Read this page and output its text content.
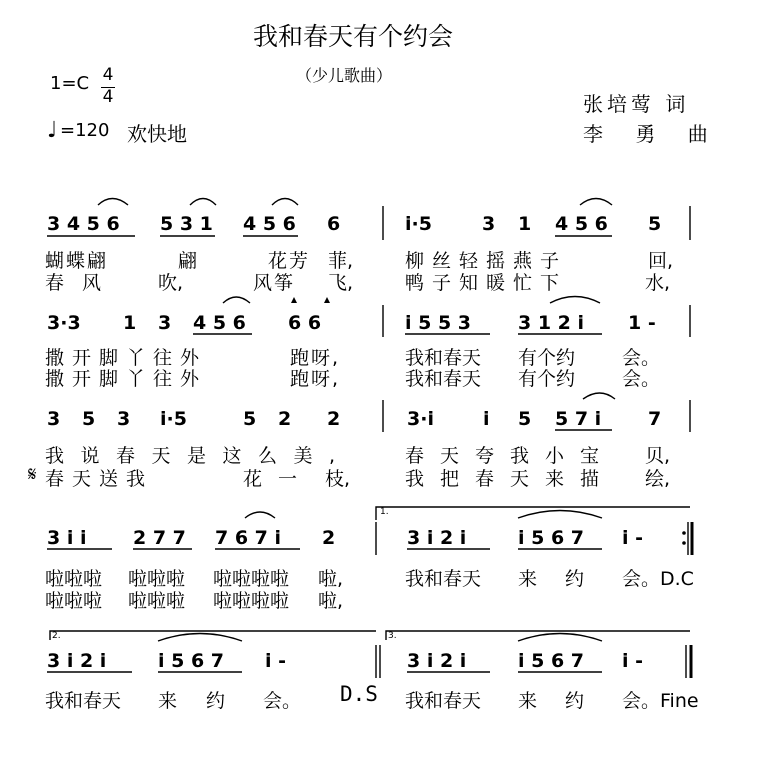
我和春天有个约会
（少儿歌曲）
1=C 4
4
♩ =120 欢快地
张培莺 词
李 勇 曲
3 4 5 6 5 3 1 4 5 6 6	i·5	3 1 4 5 6 5
蝴蝶翩	翩	花芳 菲,	柳丝轻摇燕子	回,
春 风	吹,	风筝 飞,	鸭子知暖忙下	水,
3·3 1 3 4 5 6 6 6	i 5 5 3 3 1 2 i 1 -
撒开脚丫往外	跑呀,	我和春天 有个约 会。
撒开脚丫往外	跑呀,	我和春天 有个约 会。
3 5 3 i·5	5 2 2	3·i	i 5 5 7 i 7
我说春天是这么美,	春天夸我小宝 贝,
𝄋 春天送我	花一 枝,	我把春天来描 绘,
3 i i 2 7 7 7 6 7 i 2	3 i 2 i	i 5 6 7 i -
啦啦啦 啦啦啦 啦啦啦啦 啦,	我和春天 来 约 会。D.C
啦啦啦 啦啦啦 啦啦啦啦 啦,
1.
3 i 2 i	i 5 6 7 i -	3 i 2 i	i 5 6 7 i -
我和春天 来 约 会。 D.S 我和春天 来 约 会。Fine
2.	3.
